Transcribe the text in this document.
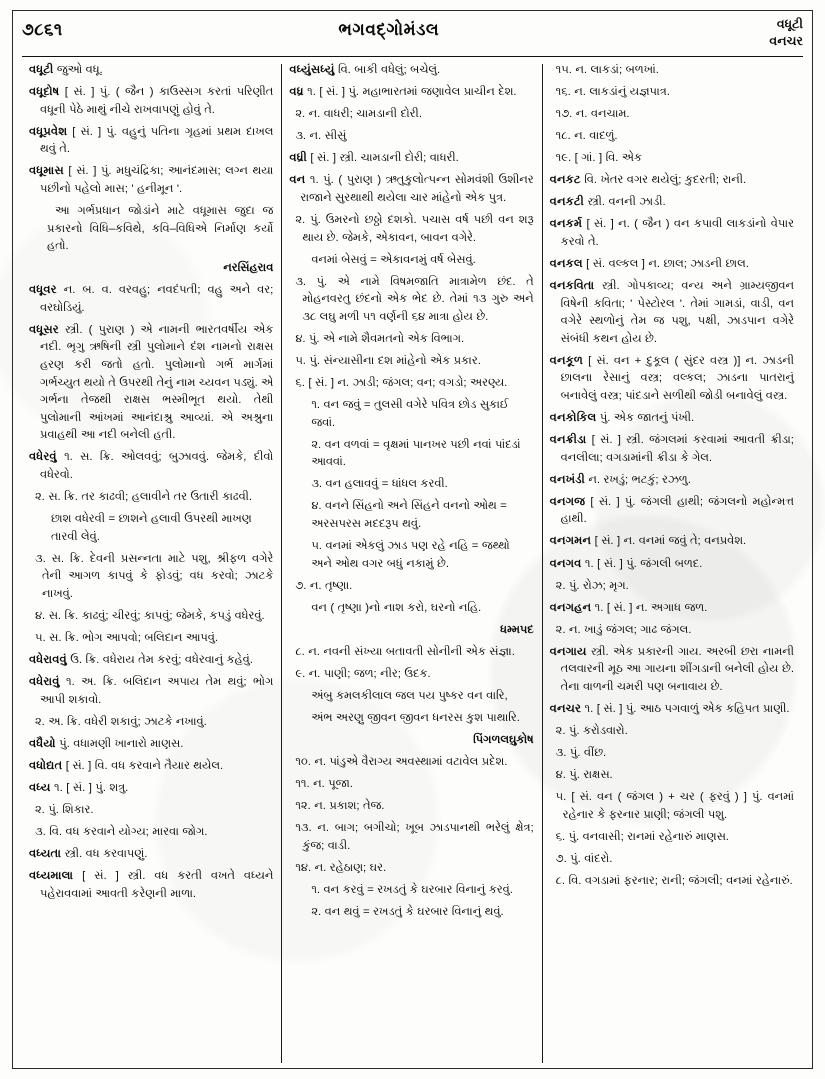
૭૮૬૧	ભગવદ્ગોમંડલ	વધૂટી
વનચર

વધૂટી જુઓ વધૂ.

વધૂદોષ [ સં. ] પું. ( જૈન ) કાઉસ્સગ કરતાં પરિણીત વધૂની પેઠે માથું નીચે રાખવાપણું હોવું તે.

વધૂપ્રવેશ [ સં. ] પું. વહુનું પતિના ગૃહમાં પ્રથમ દાખલ થવું તે.

વધૂમાસ [ સં. ] પું. મધુચંદ્રિકા; આનંદમાસ; લગ્ન થયા પછીનો પહેલો માસ; ' હનીમૂન '.

આ ગર્ભપ્રધાન જોડાંને માટે વધૂમાસ જુદા જ પ્રકારનો વિધિ–કવિથે, કવિ–વિધિએ નિર્માણ કર્યો હતો.

નરસિંહરાવ

વધૂવર ન. બ. વ. વરવહુ; નવદંપતી; વહુ અને વર; વરઘોડિયું.

વધૂસર સ્ત્રી. ( પુરાણ ) એ નામની ભારતવર્ષીય એક નદી. ભૃગુ ઋષિની સ્ત્રી પુલોમાને દંશ નામનો રાક્ષસ હરણ કરી જતો હતો. પુલોમાનો ગર્ભ માર્ગમાં ગર્ભચ્યુત થયો તે ઉપરથી તેનું નામ ચ્યવન પડ્યું. એ ગર્ભના તેજથી રાક્ષસ ભસ્મીભૂત થયો. તેથી પુલોમાની આંખમાં આનંદાશ્રુ આવ્યાં. એ અશ્રુના પ્રવાહથી આ નદી બનેલી હતી.

વધેરવું ૧. સ. ક્રિ. ઓલવવું; બુઝાવવું. જેમકે, દીવો વધેરવો.

૨. સ. ક્રિ. તર કાઢવી; હલાવીને તર ઉતારી કાઢવી.

છાશ વધેરવી = છાશને હલાવી ઉપરથી માખણ તારવી લેવું.

૩. સ. ક્રિ. દેવની પ્રસન્નતા માટે પશુ, શ્રીફળ વગેરે તેની આગળ કાપવું કે ફોડવું; વધ કરવો; ઝાટકે નાખવું.

૪. સ. ક્રિ. કાઢવું; ચીરવું; કાપવું; જેમકે, કપડું વધેરવું.

૫. સ. ક્રિ. ભોગ આપવો; બલિદાન આપવું.

વધેરાવવું ઉ. ક્રિ. વધેરાય તેમ કરવું; વધેરવાનું કહેવું.

વધેરાવું ૧. અ. ક્રિ. બલિદાન અપાય તેમ થવું; ભોગ આપી શકાવો.

૨. અ. ક્રિ. વધેરી શકાવું; ઝાટકે નખાવું.

વધૈયો પું. વધામણી ખાનારો માણસ.

વધોદ્યત [ સં. ] વિ. વધ કરવાને તૈયાર થયેલ.

વધ્ય ૧. [ સં. ] પું. શત્રુ.

૨. પું. શિકાર.

૩. વિ. વધ કરવાને યોગ્ય; મારવા જોગ.

વધ્યતા સ્ત્રી. વધ કરવાપણું.

વધ્યમાલા [ સં. ] સ્ત્રી. વધ કરતી વખતે વધ્યને પહેરાવવામાં આવતી કરેણની માળા.

વધ્યુંસધ્યું વિ. બાકી વધેલું; બચેલું.

વધ્ર ૧. [ સં. ] પું. મહાભારતમાં જણાવેલ પ્રાચીન દેશ.

૨. ન. વાધરી; ચામડાની દોરી.

૩. ન. સીસું

વધ્રી [ સં. ] સ્ત્રી. ચામડાની દોરી; વાધરી.

વન ૧. પું. ( પુરાણ ) ઋતુકુલોત્પન્ન સોમવંશી ઉશીનર રાજાને સુરથાથી થયેલા ચાર માંહેનો એક પુત્ર.

૨. પું. ઉમરનો છઠ્ઠો દશકો. પચાસ વર્ષ પછી વન શરૂ થાય છે. જેમકે, એકાવન, બાવન વગેરે.

વનમાં બેસવું = એકાવનમું વર્ષ બેસવું.

૩. પું. એ નામે વિષમજાતિ માત્રામેળ છંદ. તે મોહનવરતુ છંદનો એક ભેદ છે. તેમાં ૧૩ ગુરુ અને ૩૮ લઘુ મળી ૫૧ વર્ણની ૬૪ માત્રા હોય છે.

૪. પું. એ નામે શૈવમતનો એક વિભાગ.

૫. પું. સંન્યાસીના દશ માંહેનો એક પ્રકાર.

૬. [ સં. ] ન. ઝાડી; જંગલ; વન; વગડો; અરણ્ય.

૧. વન જવું = તુલસી વગેરે પવિત્ર છોડ સુકાઈ જવાં.

૨. વન વળવાં = વૃક્ષમાં પાનખર પછી નવાં પાંદડાં આવવાં.

૩. વન હલાવવું = ધાંધલ કરવી.

૪. વનને સિંહનો અને સિંહને વનનો ઓથ = અરસપરસ મદદરૂપ થવું.

૫. વનમાં એકલું ઝાડ પણ રહે નહિ = જથ્થો અને ઓથ વગર બધું નકામું છે.

૭. ન. તૃષ્ણા.

વન ( તૃષ્ણા )નો નાશ કરો, ઘરનો નહિ.

ધમ્મપદ

૮. ન. નવની સંખ્યા બતાવતી સોનીની એક સંજ્ઞા.

૯. ન. પાણી; જળ; નીર; ઉદક.

અંબુ કમલકીલાલ જલ પય પુષ્કર વન વારિ,

અંભ અરણુ જીવન જીવન ધનરસ કુશ પાથારિ.

પિંગળલઘુકોષ

૧૦. ન. પાંડુએ વૈરાગ્ય અવસ્થામાં વટાવેલ પ્રદેશ.

૧૧. ન. પૂજા.

૧૨. ન. પ્રકાશ; તેજ.

૧૩. ન. બાગ; બગીચો; ખૂબ ઝાડપાનથી ભરેલું ક્ષેત્ર; કુંજ; વાડી.

૧૪. ન. રહેઠાણ; ઘર.

૧. વન કરવું = રખડતું કે ઘરબાર વિનાનું કરવું.

૨. વન થવું = રખડતું કે ઘરબાર વિનાનું થવું.

૧૫. ન. લાકડાં; બળખાં.

૧૬. ન. લાકડાંનું યજ્ઞપાત્ર.

૧૭. ન. વનચામ.

૧૮. ન. વાદળું.

૧૯. [ ગાં. ] વિ. એક

વનકટ વિ. ખેતર વગર થયેલું; કુદરતી; રાની.

વનકટી સ્ત્રી. વનની ઝાડી.

વનકર્મ [ સં. ] ન. ( જૈન ) વન કપાવી લાકડાંનો વેપાર કરવો તે.

વનકલ [ સં. વલ્કલ ] ન. છાલ; ઝાડની છાલ.

વનકવિતા સ્ત્રી. ગોપકાવ્ય; વન્ય અને ગ્રામ્યજીવન વિષેની કવિતા; ' પેસ્ટોરલ '. તેમાં ગામડાં, વાડી, વન વગેરે સ્થળોનું તેમ જ પશુ, પક્ષી, ઝાડપાન વગેરે સંબંધી કથન હોય છે.

વનકૂળ [ સં. વન + દુકૂલ ( સુંદર વસ્ત્ર )] ન. ઝાડની છાલના રેસાનું વસ્ત્ર; વલ્કલ; ઝાડના પાતરાનું બનાવેલું વસ્ત્ર; પાંદડાને સળીથી જોડી બનાવેલું વસ્ત્ર.

વનકોકિલ પું. એક જાતનું પંખી.

વનક્રીડા [ સં. ] સ્ત્રી. જંગલમાં કરવામાં આવતી ક્રીડા; વનલીલા; વગડામાંની ક્રીડા કે ગેલ.

વનખંડી ન. રખડું; ભટકું; રઝળુ.

વનગજ [ સં. ] પું. જંગલી હાથી; જંગલનો મહોન્મત્ત હાથી.

વનગમન [ સં. ] ન. વનમાં જવું તે; વનપ્રવેશ.

વનગવ ૧. [ સં. ] પું. જંગલી બળદ.

૨. પું. રોઝ; મૃગ.

વનગહન ૧. [ સં. ] ન. અગાધ જળ.

૨. ન. ખાડું જંગલ; ગાઢ જંગલ.

વનગાય સ્ત્રી. એક પ્રકારની ગાય. અરબી છરા નામની તલવારની મૂઠ આ ગાયના શીંગડાની બનેલી હોય છે. તેના વાળની ચમરી પણ બનાવાય છે.

વનચર ૧. [ સં. ] પું. આઠ પગવાળું એક કહિપત પ્રાણી.

૨. પું. કરોડવારો.

૩. પું. વીંછ.

૪. પું. રાક્ષસ.

૫. [ સં. વન ( જંગલ ) + ચર ( ફરવું ) ] પું. વનમાં રહેનાર કે ફરનાર પ્રાણી; જંગલી પશુ.

૬. પું. વનવાસી; રાનમાં રહેનારું માણસ.

૭. પું. વાંદરો.

૮. વિ. વગડામાં ફરનાર; રાની; જંગલી; વનમાં રહેનારું.
